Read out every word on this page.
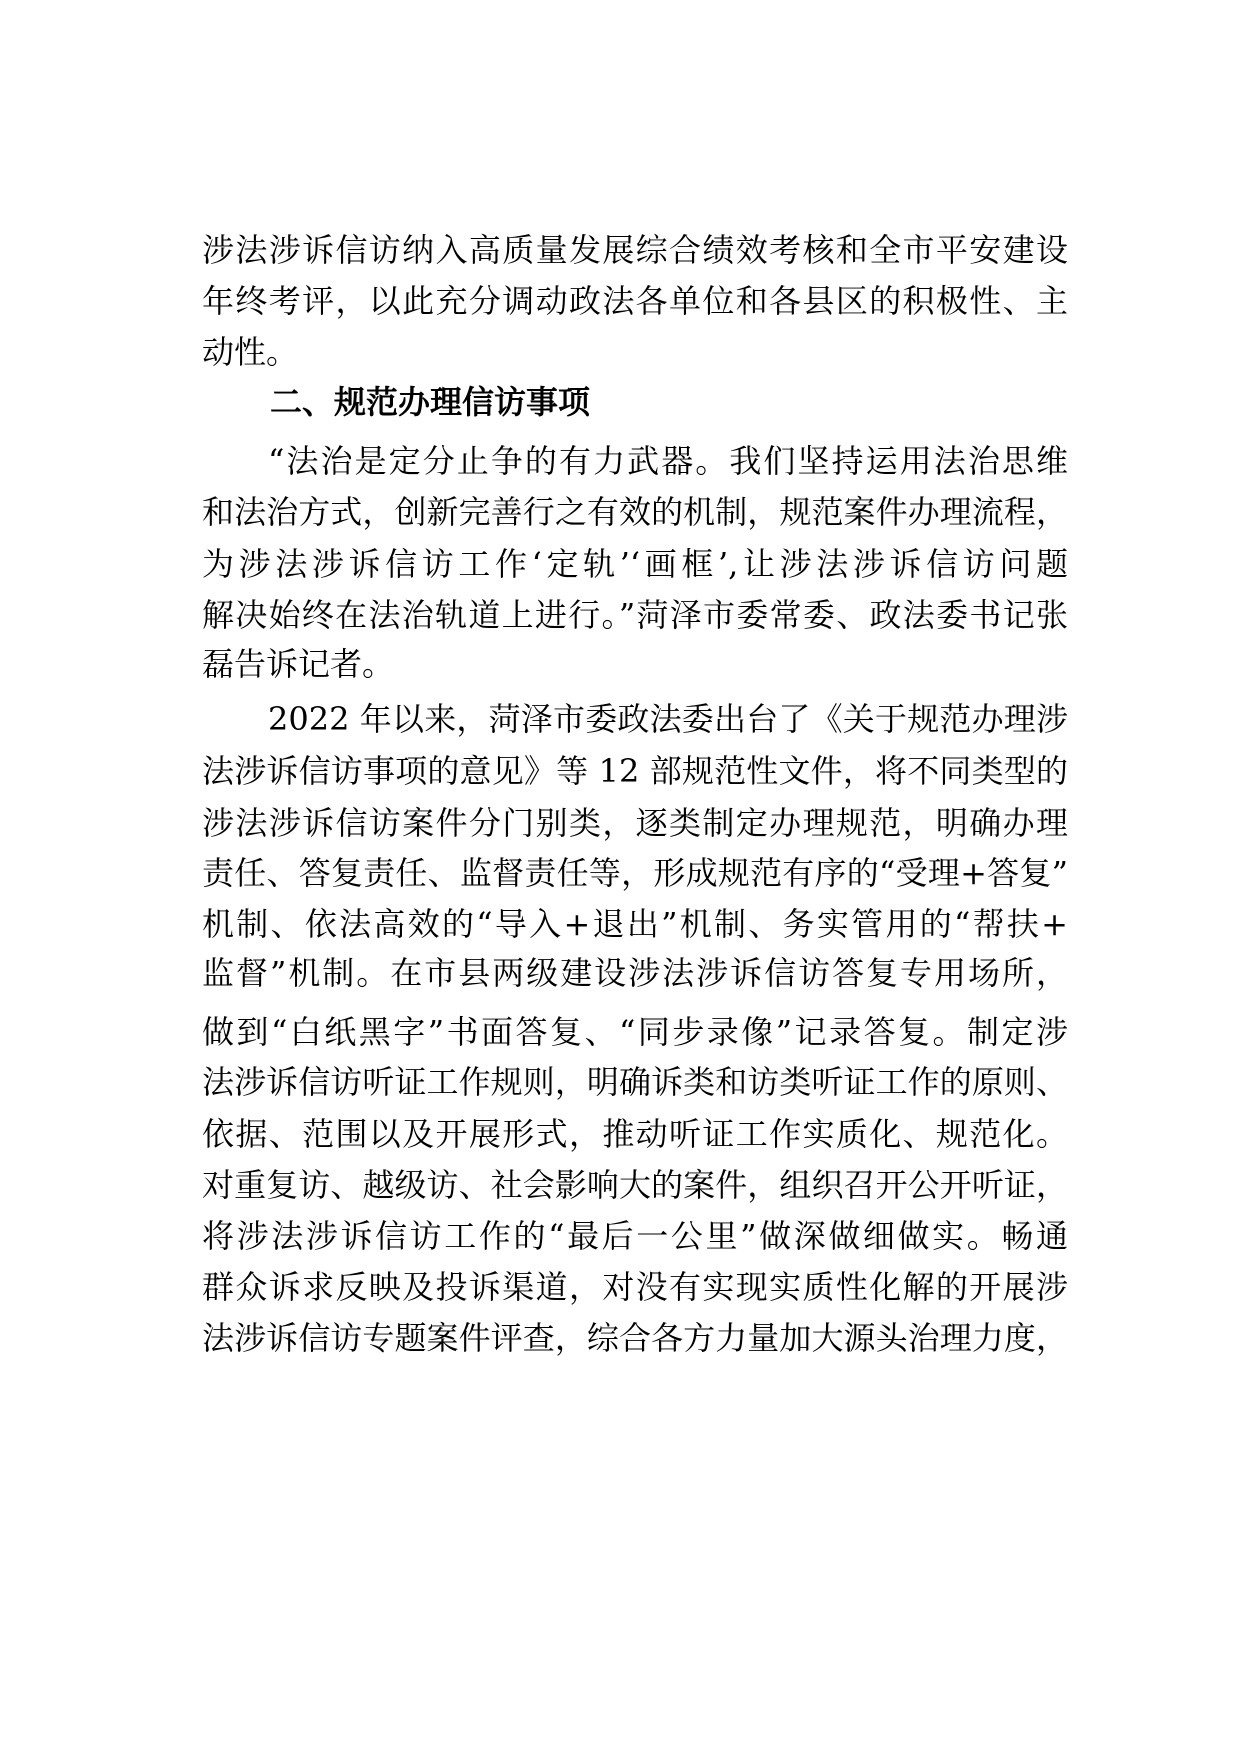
涉法涉诉信访纳入高质量发展综合绩效考核和全市平安建设
年终考评，以此充分调动政法各单位和各县区的积极性、主
动性。
二、规范办理信访事项
“法治是定分止争的有力武器。我们坚持运用法治思维
和法治方式，创新完善行之有效的机制，规范案件办理流程，
为涉法涉诉信访工作‘定轨’‘画框’,让涉法涉诉信访问题
解决始终在法治轨道上进行。”菏泽市委常委、政法委书记张
磊告诉记者。
2022 年以来，菏泽市委政法委出台了《关于规范办理涉
法涉诉信访事项的意见》等 12 部规范性文件，将不同类型的
涉法涉诉信访案件分门别类，逐类制定办理规范，明确办理
责任、答复责任、监督责任等，形成规范有序的“受理+答复”
机制、依法高效的“导入+退出”机制、务实管用的“帮扶+
监督”机制。在市县两级建设涉法涉诉信访答复专用场所，
做到“白纸黑字”书面答复、“同步录像”记录答复。制定涉
法涉诉信访听证工作规则，明确诉类和访类听证工作的原则、
依据、范围以及开展形式，推动听证工作实质化、规范化。
对重复访、越级访、社会影响大的案件，组织召开公开听证，
将涉法涉诉信访工作的“最后一公里”做深做细做实。畅通
群众诉求反映及投诉渠道，对没有实现实质性化解的开展涉
法涉诉信访专题案件评查，综合各方力量加大源头治理力度，
